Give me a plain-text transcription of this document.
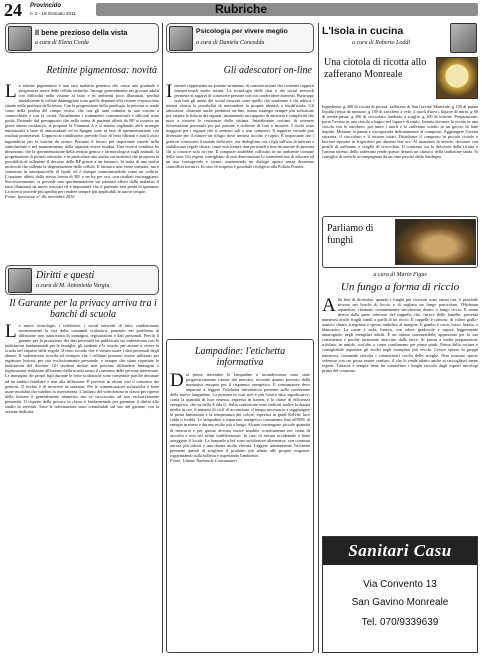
24 Provincido
n. 2 - 18 Gennaio 2011	Rubriche
Il bene prezioso della vista
a cura di Elena Corda
Retinite pigmentosa: novità
La retinite pigmentosa è una rara malattia genetica che causa una graduale e progressiva morte delle cellule retiniche. Insorge generalmente nei giovani adulti con difficoltà nella visione al buio e in ambienti poco illuminati, perdita inizialmente lo cellule danneggiate sono quelle deputate alla visione crepuscolare situate nella periferia della retina. Con la progressione della patologia, la persona si rende conto della perdita del campo visivo, che con gli anni culmina in una visione a cannocchiale e con la cecità. Attualmente i trattamenti convenzionali e ufficiali sono pochi. Partendo dal presupposto che nella retina di pazienti affetti da RP si osserva un grave danno ossidativo, si propone la Vitamina A e si stanno vagliando altre strategie nutrizionali a base di antiossidanti ed in Spagna sono in fase di sperimentazione con risultati promettenti. L'approccio riabilitativo prevede l'uso di lenti filtranti e ausili ottici ingranditori per la visione da vicino. Pertanto il lavoro più importante risiede nella stimolazione e nel mantenimento della capacità visiva residua. Una ricerca condotta ha dimostrato che la sperimentazione della terapia genica e farmacologica sugli animali, la progettazione di protesi retiniche, e in particolare uno studio sui nutrienti che prospetta la possibilità di rallentare il decorso della RP grazie a un farmaco. Si tratta di una nuova molecola che rallenta la degenerazione delle cellule. Il farmaco non viene iniettato, ma è contenuto in nanoparticelle di lipidi, ed è dunque somministrabile come un collirio. L'opzione affetti dalla stessa forma di RP, e ne ha per ora, con risultati incoraggianti. Successivamente, si prevede una sperimentazione sui pazienti affetti dalla malattia, il tutto illuminati da nuovi ritrovati ed è importante che il paziente non perda la speranza. La ricerca procede più spedita per rendere sempre più applicabili le nuove terapie.
Fonte: Ipovisione n° 46, novembre 2010
Diritti e questi
a cura di M. Antonietta Vargiu
Il Garante per la privacy arriva tra i banchi di scuola
Le nuove tecnologie, i telefonini, i social network di fatto condizionano enormemente la vita della comunità scolastica, ponendo nel problema di diffusione non autorizzata di immagini, registrazioni e dati personali. Perciò il garante per la protezione dei dati personali ha pubblicato un vademecum con le indicazioni fondamentali per le famiglie, gli studenti e le scuole, per aiutare a vivere la scuola nel rispetto delle regole. Il testo ricorda che è vietato usare i dati personali degli alunni. Il vademecum ricorda ad esempio che i cellulari possono essere utilizzati per registrare lezioni, per uso esclusivamente personale, e sempre che siano rispettate le indicazioni del docente. Gli studenti inoltre non possono diffondere immagini o registrazioni realizzate all'interno della scuola senza il consenso delle persone interessate. Le immagini dei propri figli durante le feste scolastiche sono consentite purché destinate ad un ambito familiare e non alla diffusione. È previsto in alcuni casi il consenso dei genitori. Il rischio è di incorrere in sanzioni. Per le comunicazioni scolastiche è bene usare modalità che tutelino la riservatezza. L'utilizzo del videofonino in classe per riprese della lezione è generalmente ammesso ma va circoscritto ad uso esclusivamente personale. Il rispetto della privacy in classe è fondamentale per garantire il diritto allo studio in serenità. Tutte le informazioni sono consultabili sul sito del garante, con la sezione dedicata.
Psicologia per vivere meglio
a cura di Daniela Concedda
Gli adescatori on-line
Internet rappresenta un potente strumento di comunicazione che consente rapporti interpersonali molto intimi. La tecnologia delle chat o dei social network permette ai ragazzi di conoscere persone con cui condividere interessi. Purtroppo non tutti gli utenti dei social network sono quello che sembrano e chi adesca i minori sfrutta la possibilità di nascondere la propria identità o modificarla. Gli adescatori, chiamati anche predatori on-line, usano strategie sempre più sofisticate per carpire la fiducia dei ragazzi, instaurando un rapporto di amicizia e complicità che mira a vincere le resistenze della vittima. Inizialmente cercano di ottenere informazioni personali per poi passare a richieste di foto o incontri. I rischi sono maggiori per i ragazzi che si sentono soli o non compresi. Il rapporto virtuale può diventare per il minore un rifugio dove sentirsi accolto e capito. È importante che i genitori conoscano il mondo della rete, che dialoghino con i figli sull'uso di internet e stabiliscano regole chiare, come non fornire dati personali e non incontrare di persona chi si conosce solo in rete. Il computer andrebbe collocato in un ambiente comune della casa. Gli esperti consigliano di non demonizzare lo strumento ma di educare ad un uso consapevole e sicuro, mantenendo un dialogo aperto senza diventare controllori invasivi. In caso di sospetto è possibile rivolgersi alla Polizia Postale.
Lampadine: l'etichetta informativa
Dal primo settembre le lampadine a incandescenza sono state progressivamente ritirate dal mercato, secondo quanto previsto dalla normativa europea per il risparmio energetico. Il consumatore deve imparare a leggere l'etichetta informativa presente sulla confezione delle nuove lampadine. La potenza in watt non è più l'unico dato significativo: conta la quantità di luce emessa, espressa in lumen, e la classe di efficienza energetica, che va dalla A alla G. Sulla confezione sono indicati inoltre la durata media in ore, il numero di cicli di accensione, il tempo necessario a raggiungere la piena luminosità e la temperatura del colore, espressa in gradi Kelvin: luce calda o fredda. Le lampadine a risparmio energetico consumano fino all'80% di energia in meno e durano molto più a lungo. Alcune contengono piccole quantità di mercurio e per questo devono essere smaltite correttamente nei centri di raccolta e non nei rifiuti indifferenziati. In caso di rottura accidentale è bene arieggiare il locale. Le lampade a led sono un'ulteriore alternativa, con consumi ancora più ridotti e una durata molto elevata. Leggere attentamente l'etichetta permette quindi di scegliere il prodotto più adatto alle proprie esigenze, risparmiando sulla bolletta e rispettando l'ambiente.
Fonte: Unione Nazionale Consumatori
L'Isola in cucina
a cura di Roberto Loddi
Una ciotola di ricotta allo zafferano Monreale
Ingredienti: g 400 di ricotta di pecora, zafferano di San Gavino Monreale, g 100 di panna liquida fresca da montare, g 100 di zucchero a velo, 2 tuorli d'uovo, liquore di mirto, g 60 di uvetta passa, g 100 di cioccolato fondente a scaglie, g 100 di torrone. Preparazione: porre l'uvetta in una ciotola a bagno nel liquore di mirto. Intanto lavorare la ricotta in una ciotola con lo zucchero, poi unire i tuorli e lo zafferano sciolto in un goccio di latte tiepido. Montare la panna e incorporarla delicatamente al composto. Aggiungere l'uvetta strizzata, il cioccolato e il torrone tritati. Distribuire il composto in piccole ciotole e lasciare riposare in frigorifero per almeno due ore. Al momento di servire, decorare con pistilli di zafferano e scaglie di cioccolato. Il contrasto tra la dolcezza della ricotta e l'aroma intenso dello zafferano rende questo dessert un classico della tradizione sarda. Si consiglia di servirlo accompagnato da un vino passito della Sardegna.
Parliamo di funghi
a cura di Mario Figus
Un fungo a forma di riccio
Alla fine di dicembre, quando i funghi più ricercati sono ormai rari, è possibile trovare nei boschi di leccio e di sughera un fungo particolare, l'Hydnum repandum, chiamato comunemente steccherino dorato o fungo riccio. Il nome deriva dalla parte inferiore del cappello che, invece delle lamelle, presenta numerosi aculei fragili simili a quelli di un riccio. Il cappello è carnoso, di colore giallo-arancio chiaro, irregolare e spesso ondulato al margine. Il gambo è corto, tozzo, bianco o biancastro. La carne è soda, bianca, con odore gradevole e sapore leggermente amarognolo negli esemplari adulti. È un ottimo commestibile, apprezzato per la sua consistenza e perché raramente attaccato dalle larve. Si presta a molte preparazioni: trifolato, in umido, sott'olio o come condimento per primi piatti. Prima della cottura è consigliabile asportare gli aculei negli esemplari più vecchi. Cresce spesso in gruppi numerosi, formando talvolta i caratteristici cerchi delle streghe. Non esistono specie velenose con cui possa essere confuso, il che lo rende adatto anche ai raccoglitori meno esperti. Tuttavia è sempre bene far controllare i funghi raccolti dagli esperti micologi prima del consumo.
Sanitari Casu
Via Convento 13
San Gavino Monreale
Tel. 070/9339639
